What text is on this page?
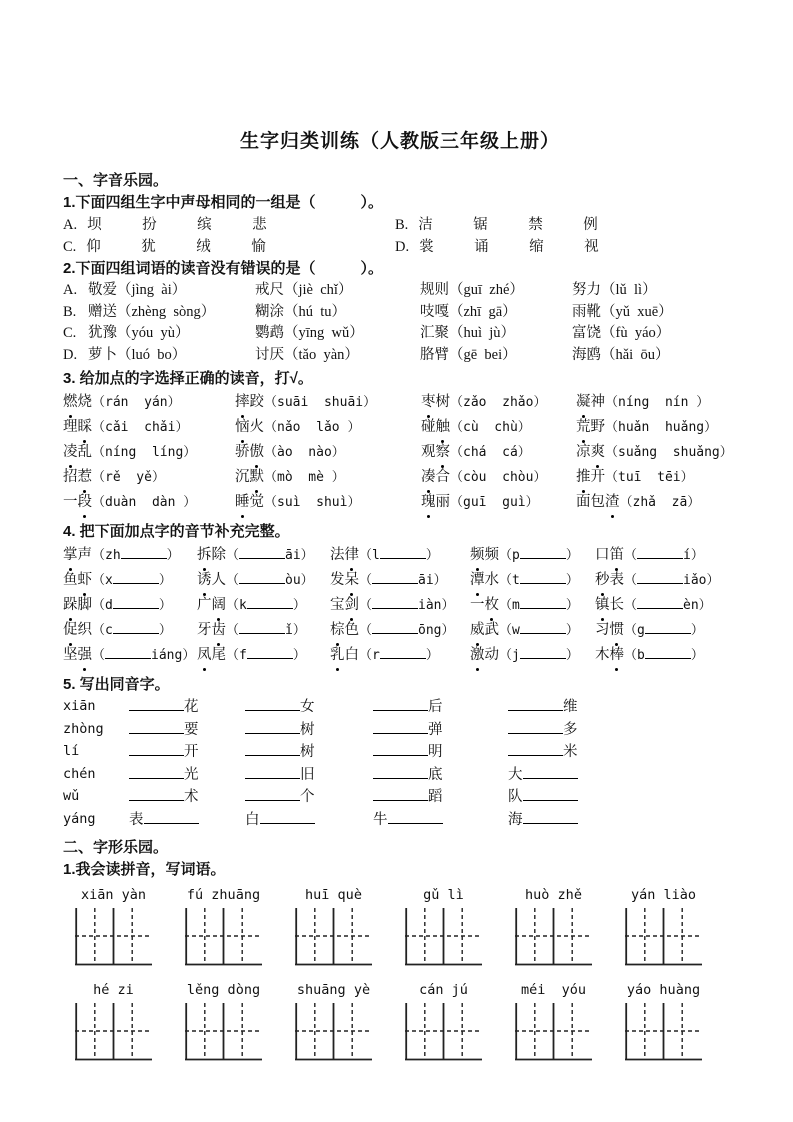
生字归类训练（人教版三年级上册）
一、字音乐园。
1.下面四组生字中声母相同的一组是（　　　）。
A. 坝	扮	缤	悲	B. 洁	锯	禁	例
C. 仰	犹	绒	愉	D. 裳	诵	缩	视
2.下面四组词语的读音没有错误的是（　　　）。
A. 敬爱（jìng  ài）	戒尺（jiè  chǐ）	规则（guī  zhé）	努力（lǔ  lì）
B. 赠送（zhèng  sòng）	糊涂（hú  tu）	吱嘎（zhī  gā）	雨靴（yǔ  xuē）
C. 犹豫（yóu  yù）	鹦鹉（yīng  wǔ）	汇聚（huì  jù）	富饶（fù  yáo）
D. 萝卜（luó  bo）	讨厌（tǎo  yàn）	胳臂（gē  bei）	海鸥（hǎi  ōu）
3. 给加点的字选择正确的读音，打√。
燃烧（rán  yán）	摔跤（suāi  shuāi）	枣树（zǎo  zhǎo）	凝神（níng  nín ）
理睬（cǎi  chǎi）	恼火（nǎo  lǎo ）	碰触（cù  chù）	荒野（huǎn  huǎng）
凌乱（níng  líng）	骄傲（ào  nào）	观察（chá  cá）	凉爽（suǎng  shuǎng）
招惹（rě  yě）	沉默（mò  mè ）	凑合（còu  chòu）	推开（tuī  tēi）
一段（duàn  dàn ）	睡觉（suì  shuì）	瑰丽（guī  guì）	面包渣（zhǎ  zā）
4. 把下面加点字的音节补充完整。
掌声（zh	）	拆除（	āi）	法律（l	）	频频（p	）	口笛（	í）
鱼虾（x	）	诱人（	òu）	发呆（	āi）	潭水（t	）	秒表（	iǎo）
跺脚（d	）	广阔（k	）	宝剑（	iàn）	一枚（m	）	镇长（	èn）
促织（c	）	牙齿（	ǐ）	棕色（	ōng）	威武（w	）	习惯（g	）
坚强（	iáng） 凤尾（f	）	乳白（r	）	激动（j	）	木棒（b	）
5. 写出同音字。
xiān	花	女	后	维
zhòng	要	树	弹	多
lí	开	树	明	米
chén	光	旧	底	大
wǔ	术	个	蹈	队
yáng	表	白	牛	海
二、字形乐园。
1.我会读拼音，写词语。
xiān yàn	fú zhuāng	huī què	gǔ lì	huò zhě	yán liào
hé zi	lěng dòng	shuāng yè	cán jú	méi  yóu	yáo huàng
